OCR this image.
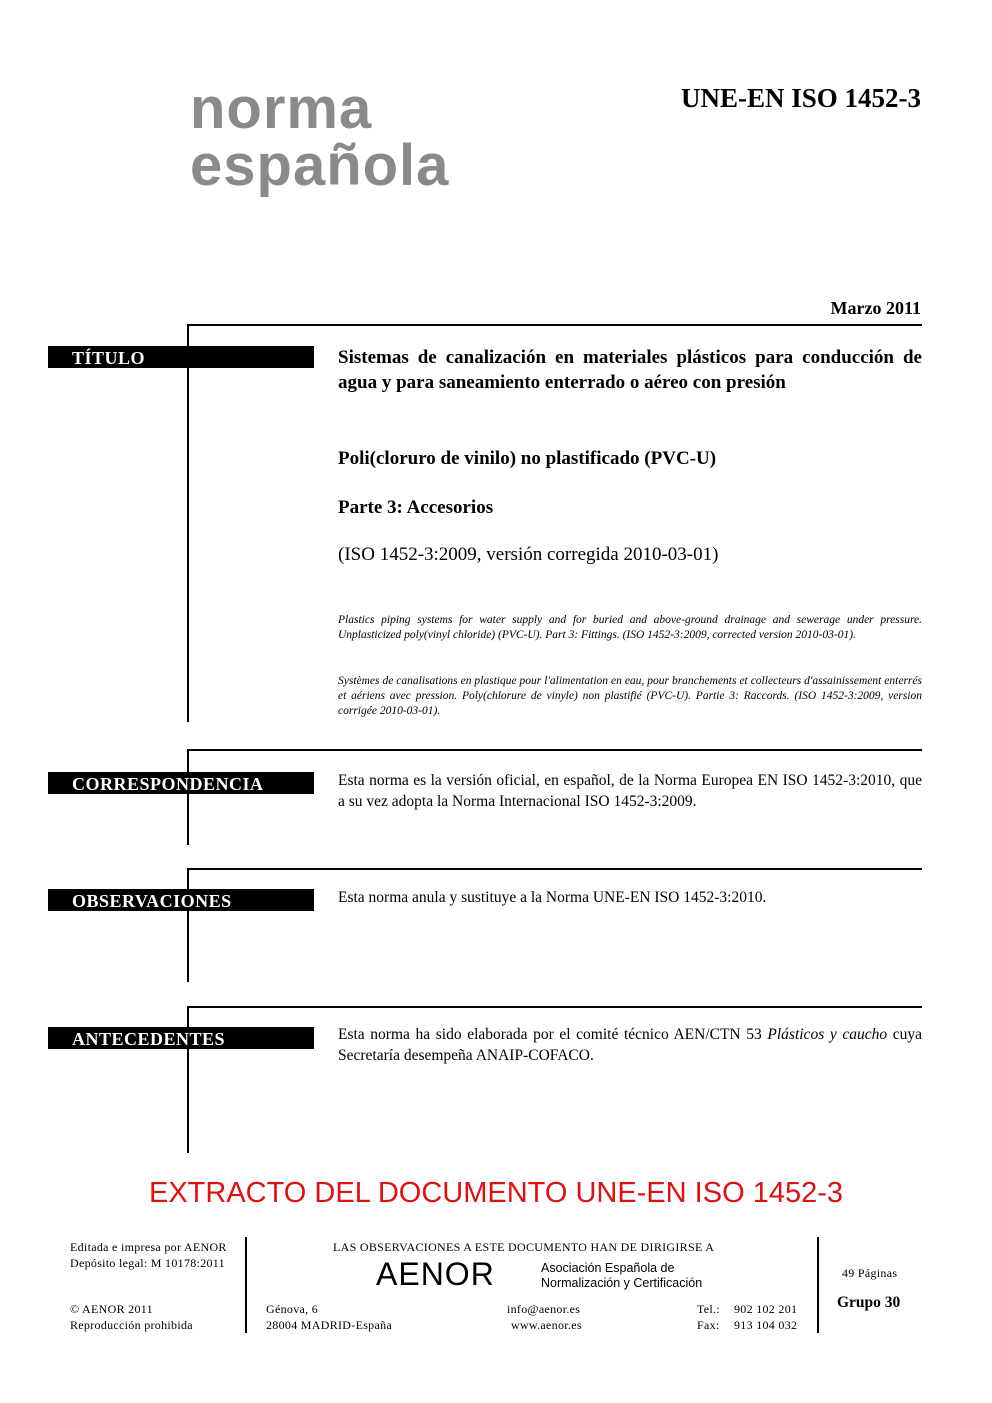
norma
española
UNE-EN ISO 1452-3
Marzo 2011
TÍTULO	Sistemas de canalización en materiales plásticos para conducción de agua y para saneamiento enterrado o aéreo con presión
Poli(cloruro de vinilo) no plastificado (PVC-U)
Parte 3: Accesorios
(ISO 1452-3:2009, versión corregida 2010-03-01)
Plastics piping systems for water supply and for buried and above-ground drainage and sewerage under pressure. Unplasticized poly(vinyl chloride) (PVC-U). Part 3: Fittings. (ISO 1452-3:2009, corrected version 2010-03-01).
Systèmes de canalisations en plastique pour l'alimentation en eau, pour branchements et collecteurs d'assainissement enterrés et aériens avec pression. Poly(chlorure de vinyle) non plastifié (PVC-U). Partie 3: Raccords. (ISO 1452-3:2009, version corrigée 2010-03-01).
CORRESPONDENCIA	Esta norma es la versión oficial, en español, de la Norma Europea EN ISO 1452-3:2010, que a su vez adopta la Norma Internacional ISO 1452-3:2009.
OBSERVACIONES	Esta norma anula y sustituye a la Norma UNE-EN ISO 1452-3:2010.
ANTECEDENTES	Esta norma ha sido elaborada por el comité técnico AEN/CTN 53 Plásticos y caucho cuya Secretaría desempeña ANAIP-COFACO.
EXTRACTO DEL DOCUMENTO UNE-EN ISO 1452-3
Editada e impresa por AENOR
Depósito legal: M 10178:2011
© AENOR 2011
Reproducción prohibida
LAS OBSERVACIONES A ESTE DOCUMENTO HAN DE DIRIGIRSE A
AENOR	Asociación Española de
Normalización y Certificación
Génova, 6
28004 MADRID-España
info@aenor.es
www.aenor.es
Tel.: 902 102 201
Fax: 913 104 032
49 Páginas
Grupo 30
